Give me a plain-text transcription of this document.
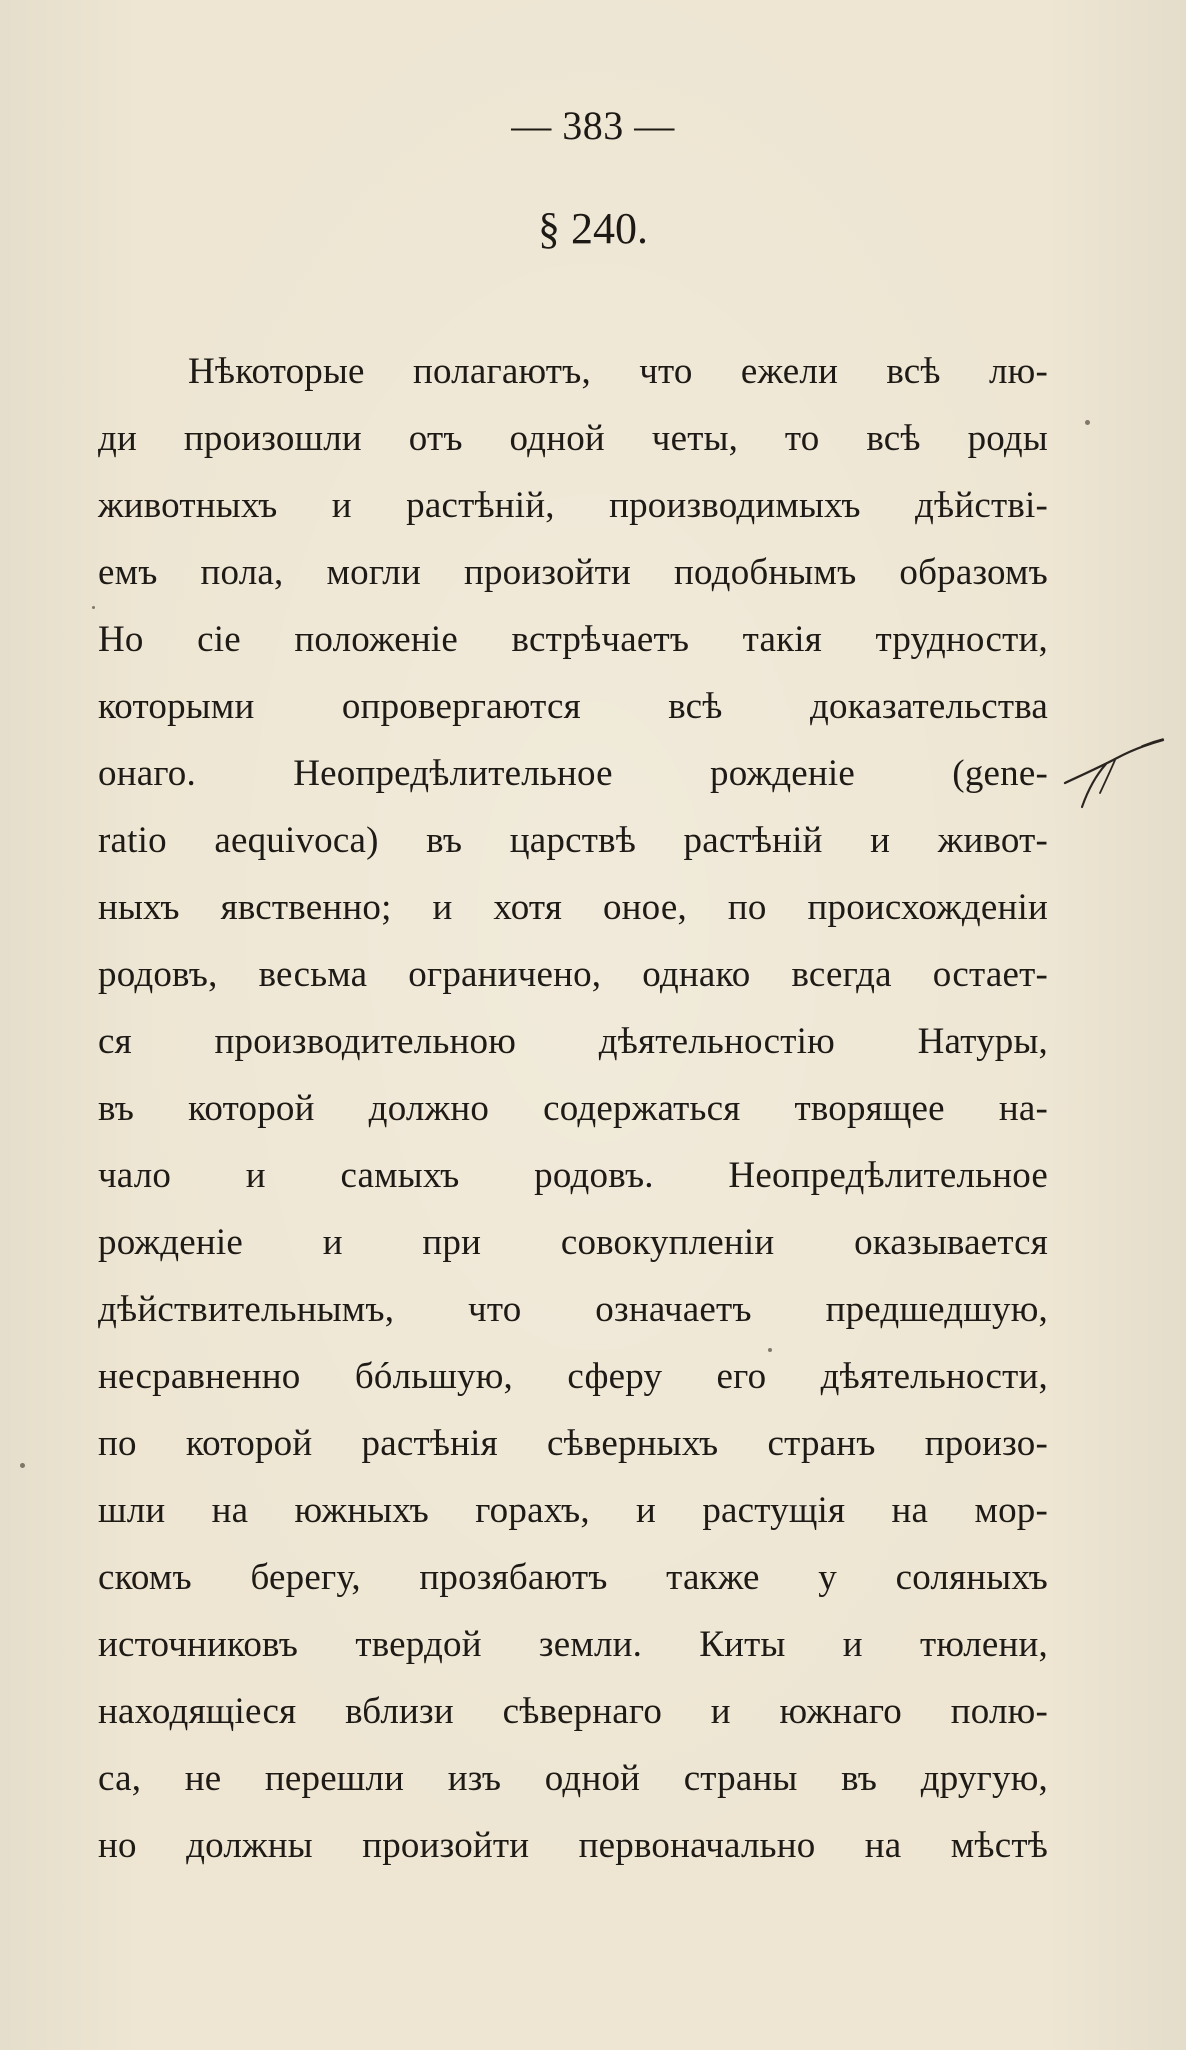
— 383 —
§ 240.
Нѣкоторые полагаютъ, что ежели всѣ лю-
ди произошли отъ одной четы, то всѣ роды
животныхъ и растѣній, производимыхъ дѣйствi-
емъ пола, могли произойти подобнымъ образомъ
Но сiе положенiе встрѣчаетъ такiя трудности,
которыми опровергаются всѣ доказательства
онаго. Неопредѣлительное рожденiе (gene-
ratio aequivoca) въ царствѣ растѣнiй и живот-
ныхъ явственно; и хотя оное, по происхожденiи
родовъ, весьма ограничено, однако всегда остает-
ся производительною дѣятельностiю Натуры,
въ которой должно содержаться творящее на-
чало и самыхъ родовъ. Неопредѣлительное
рожденiе и при совокупленiи оказывается
дѣйствительнымъ, что означаетъ предшедшую,
несравненно бóльшую, сферу его дѣятельности,
по которой растѣнiя сѣверныхъ странъ произо-
шли на южныхъ горахъ, и растущiя на мор-
скомъ берегу, прозябаютъ также у соляныхъ
источниковъ твердой земли. Киты и тюлени,
находящiеся вблизи сѣвернаго и южнаго полю-
са, не перешли изъ одной страны въ другую,
но должны произойти первоначально на мѣстѣ
